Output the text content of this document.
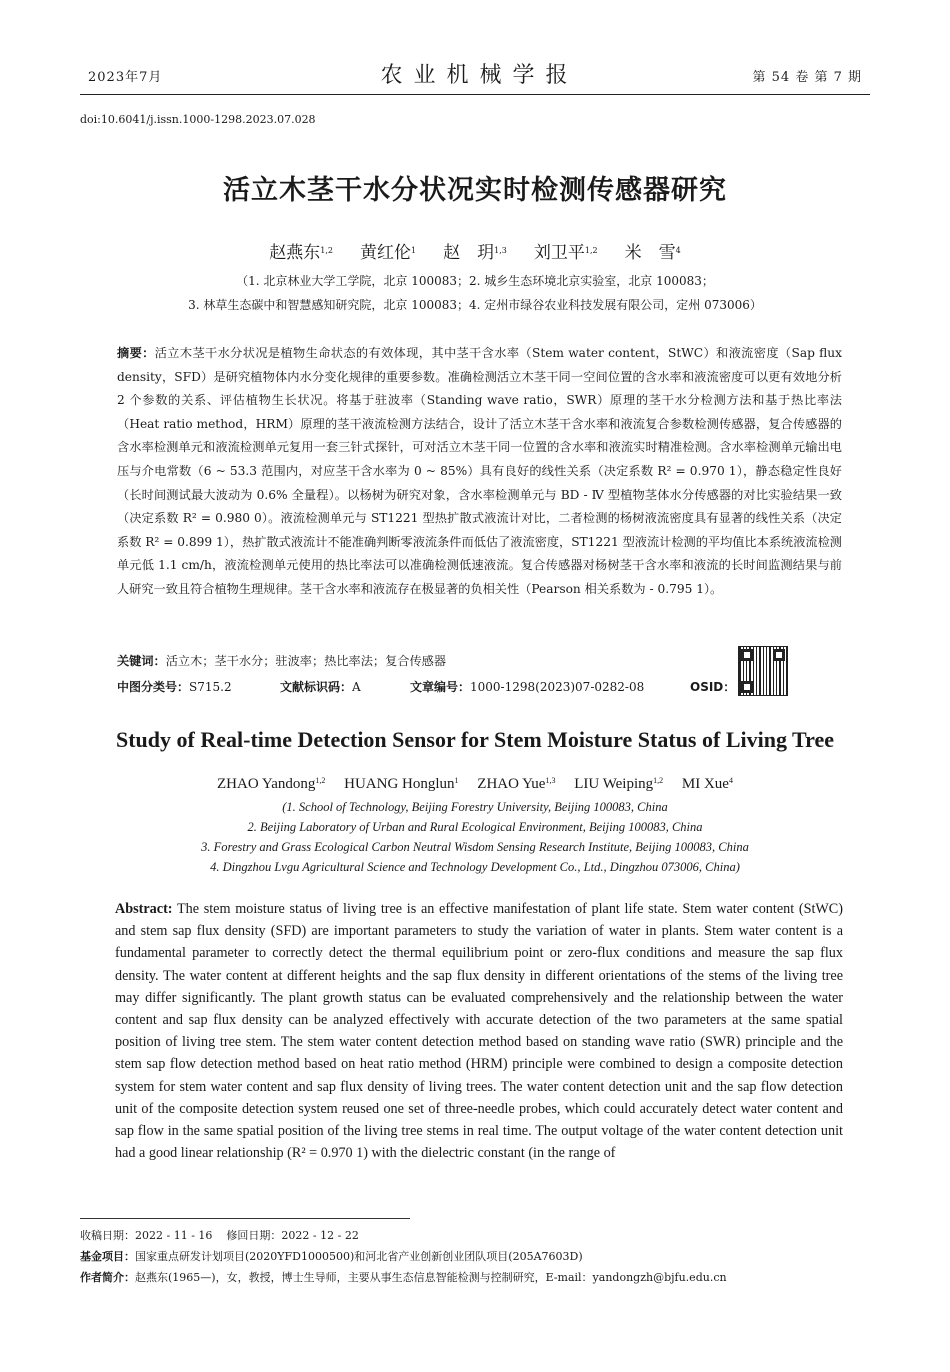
2023年7月	农 业 机 械 学 报	第 54 卷 第 7 期
doi:10.6041/j.issn.1000-1298.2023.07.028
活立木茎干水分状况实时检测传感器研究
赵燕东$^{1,2}$ 黄红伦$^1$ 赵　玥$^{1,3}$ 刘卫平$^{1,2}$ 米　雪$^4$
（1. 北京林业大学工学院，北京 100083；2. 城乡生态环境北京实验室，北京 100083；
3. 林草生态碳中和智慧感知研究院，北京 100083；4. 定州市绿谷农业科技发展有限公司，定州 073006）
摘要：活立木茎干水分状况是植物生命状态的有效体现，其中茎干含水率（Stem water content，StWC）和液流密度（Sap flux density，SFD）是研究植物体内水分变化规律的重要参数。准确检测活立木茎干同一空间位置的含水率和液流密度可以更有效地分析 2 个参数的关系、评估植物生长状况。将基于驻波率（Standing wave ratio，SWR）原理的茎干水分检测方法和基于热比率法（Heat ratio method，HRM）原理的茎干液流检测方法结合，设计了活立木茎干含水率和液流复合参数检测传感器，复合传感器的含水率检测单元和液流检测单元复用一套三针式探针，可对活立木茎干同一位置的含水率和液流实时精准检测。含水率检测单元输出电压与介电常数（6 ~ 53.3 范围内，对应茎干含水率为 0 ~ 85%）具有良好的线性关系（决定系数 R² = 0.970 1），静态稳定性良好（长时间测试最大波动为 0.6% 全量程）。以杨树为研究对象，含水率检测单元与 BD - Ⅳ 型植物茎体水分传感器的对比实验结果一致（决定系数 R² = 0.980 0）。液流检测单元与 ST1221 型热扩散式液流计对比，二者检测的杨树液流密度具有显著的线性关系（决定系数 R² = 0.899 1），热扩散式液流计不能准确判断零液流条件而低估了液流密度，ST1221 型液流计检测的平均值比本系统液流检测单元低 1.1 cm/h，液流检测单元使用的热比率法可以准确检测低速液流。复合传感器对杨树茎干含水率和液流的长时间监测结果与前人研究一致且符合植物生理规律。茎干含水率和液流存在极显著的负相关性（Pearson 相关系数为 - 0.795 1）。
关键词：活立木；茎干水分；驻波率；热比率法；复合传感器
中图分类号：S715.2	文献标识码：A	文章编号：1000-1298(2023)07-0282-08	OSID：
Study of Real-time Detection Sensor for Stem Moisture Status of Living Tree
ZHAO Yandong$^{1,2}$ HUANG Honglun$^1$ ZHAO Yue$^{1,3}$ LIU Weiping$^{1,2}$ MI Xue$^4$
(1. School of Technology, Beijing Forestry University, Beijing 100083, China
2. Beijing Laboratory of Urban and Rural Ecological Environment, Beijing 100083, China
3. Forestry and Grass Ecological Carbon Neutral Wisdom Sensing Research Institute, Beijing 100083, China
4. Dingzhou Lvgu Agricultural Science and Technology Development Co., Ltd., Dingzhou 073006, China)
Abstract: The stem moisture status of living tree is an effective manifestation of plant life state. Stem water content (StWC) and stem sap flux density (SFD) are important parameters to study the variation of water in plants. Stem water content is a fundamental parameter to correctly detect the thermal equilibrium point or zero-flux conditions and measure the sap flux density. The water content at different heights and the sap flux density in different orientations of the stems of the living tree may differ significantly. The plant growth status can be evaluated comprehensively and the relationship between the water content and sap flux density can be analyzed effectively with accurate detection of the two parameters at the same spatial position of living tree stem. The stem water content detection method based on standing wave ratio (SWR) principle and the stem sap flow detection method based on heat ratio method (HRM) principle were combined to design a composite detection system for stem water content and sap flux density of living trees. The water content detection unit and the sap flow detection unit of the composite detection system reused one set of three-needle probes, which could accurately detect water content and sap flow in the same spatial position of the living tree stems in real time. The output voltage of the water content detection unit had a good linear relationship (R² = 0.970 1) with the dielectric constant (in the range of
收稿日期：2022 - 11 - 16 修回日期：2022 - 12 - 22
基金项目：国家重点研发计划项目(2020YFD1000500)和河北省产业创新创业团队项目(205A7603D)
作者简介：赵燕东(1965—)，女，教授，博士生导师，主要从事生态信息智能检测与控制研究，E-mail：yandongzh@bjfu.edu.cn
